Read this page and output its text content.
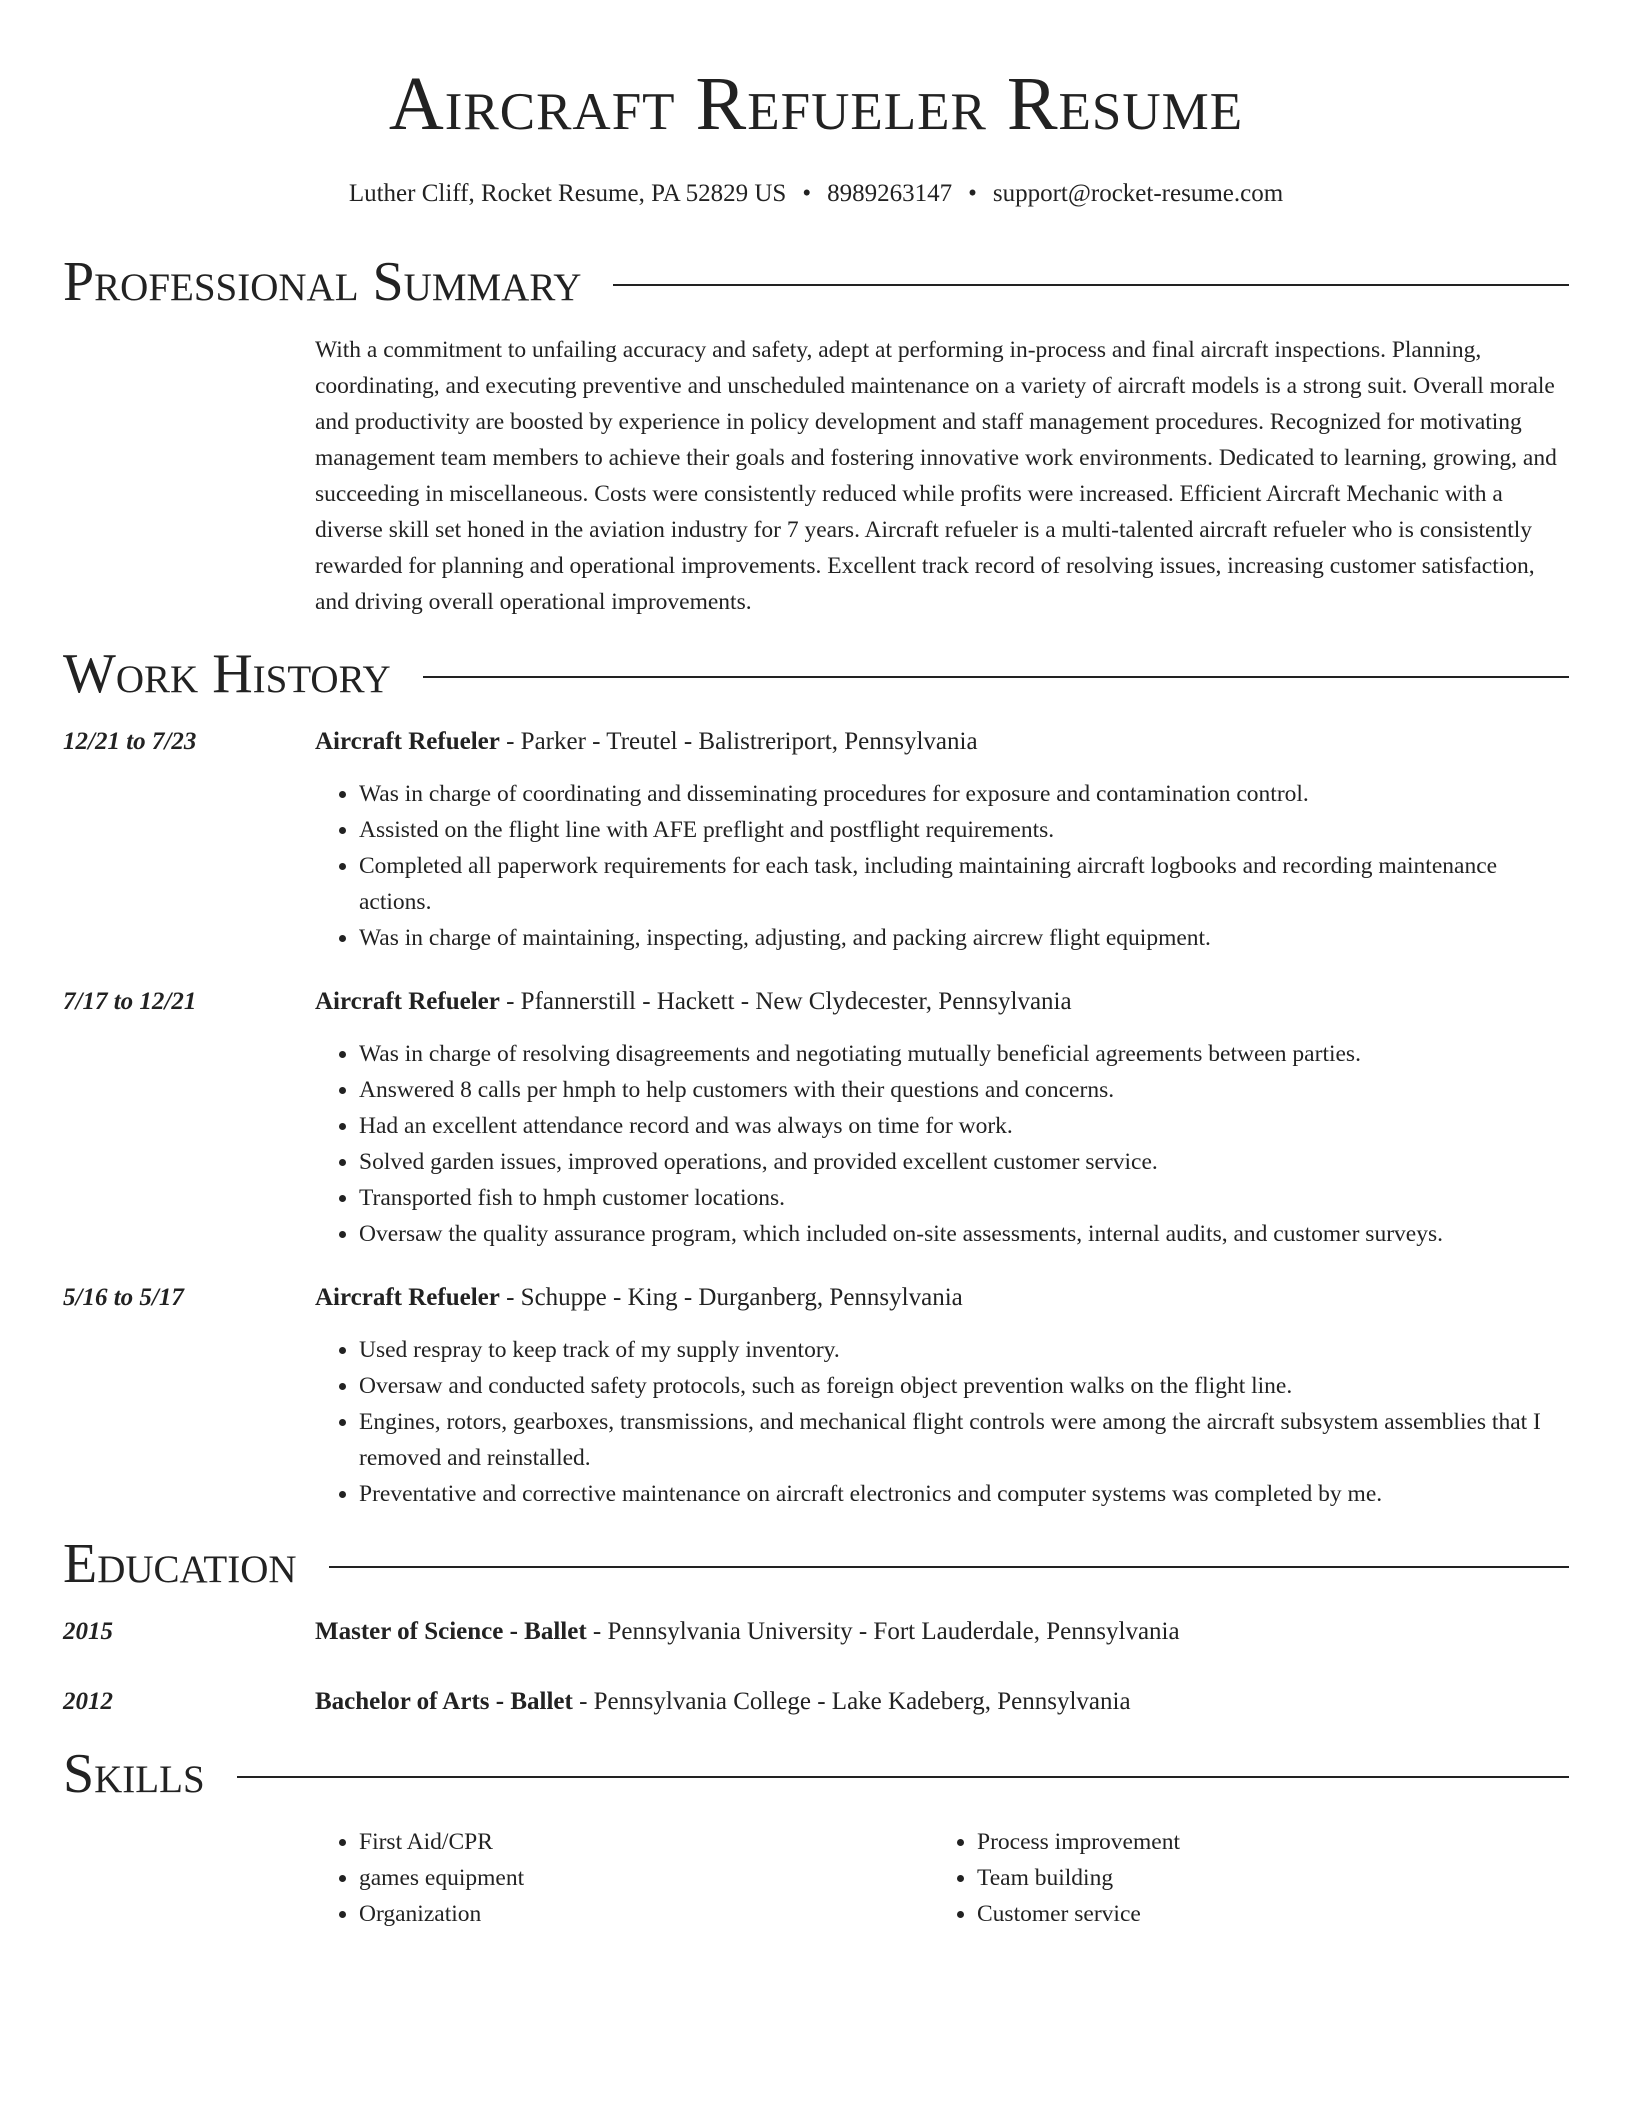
Aircraft Refueler Resume
Luther Cliff, Rocket Resume, PA 52829 US • 8989263147 • support@rocket-resume.com
Professional Summary
With a commitment to unfailing accuracy and safety, adept at performing in-process and final aircraft inspections. Planning, coordinating, and executing preventive and unscheduled maintenance on a variety of aircraft models is a strong suit. Overall morale and productivity are boosted by experience in policy development and staff management procedures. Recognized for motivating management team members to achieve their goals and fostering innovative work environments. Dedicated to learning, growing, and succeeding in miscellaneous. Costs were consistently reduced while profits were increased. Efficient Aircraft Mechanic with a diverse skill set honed in the aviation industry for 7 years. Aircraft refueler is a multi-talented aircraft refueler who is consistently rewarded for planning and operational improvements. Excellent track record of resolving issues, increasing customer satisfaction, and driving overall operational improvements.
Work History
12/21 to 7/23	Aircraft Refueler - Parker - Treutel - Balistreriport, Pennsylvania
• Was in charge of coordinating and disseminating procedures for exposure and contamination control.
• Assisted on the flight line with AFE preflight and postflight requirements.
• Completed all paperwork requirements for each task, including maintaining aircraft logbooks and recording maintenance actions.
• Was in charge of maintaining, inspecting, adjusting, and packing aircrew flight equipment.
7/17 to 12/21	Aircraft Refueler - Pfannerstill - Hackett - New Clydecester, Pennsylvania
• Was in charge of resolving disagreements and negotiating mutually beneficial agreements between parties.
• Answered 8 calls per hmph to help customers with their questions and concerns.
• Had an excellent attendance record and was always on time for work.
• Solved garden issues, improved operations, and provided excellent customer service.
• Transported fish to hmph customer locations.
• Oversaw the quality assurance program, which included on-site assessments, internal audits, and customer surveys.
5/16 to 5/17	Aircraft Refueler - Schuppe - King - Durganberg, Pennsylvania
• Used respray to keep track of my supply inventory.
• Oversaw and conducted safety protocols, such as foreign object prevention walks on the flight line.
• Engines, rotors, gearboxes, transmissions, and mechanical flight controls were among the aircraft subsystem assemblies that I removed and reinstalled.
• Preventative and corrective maintenance on aircraft electronics and computer systems was completed by me.
Education
2015	Master of Science - Ballet - Pennsylvania University - Fort Lauderdale, Pennsylvania
2012	Bachelor of Arts - Ballet - Pennsylvania College - Lake Kadeberg, Pennsylvania
Skills
• First Aid/CPR
• games equipment
• Organization
• Process improvement
• Team building
• Customer service
